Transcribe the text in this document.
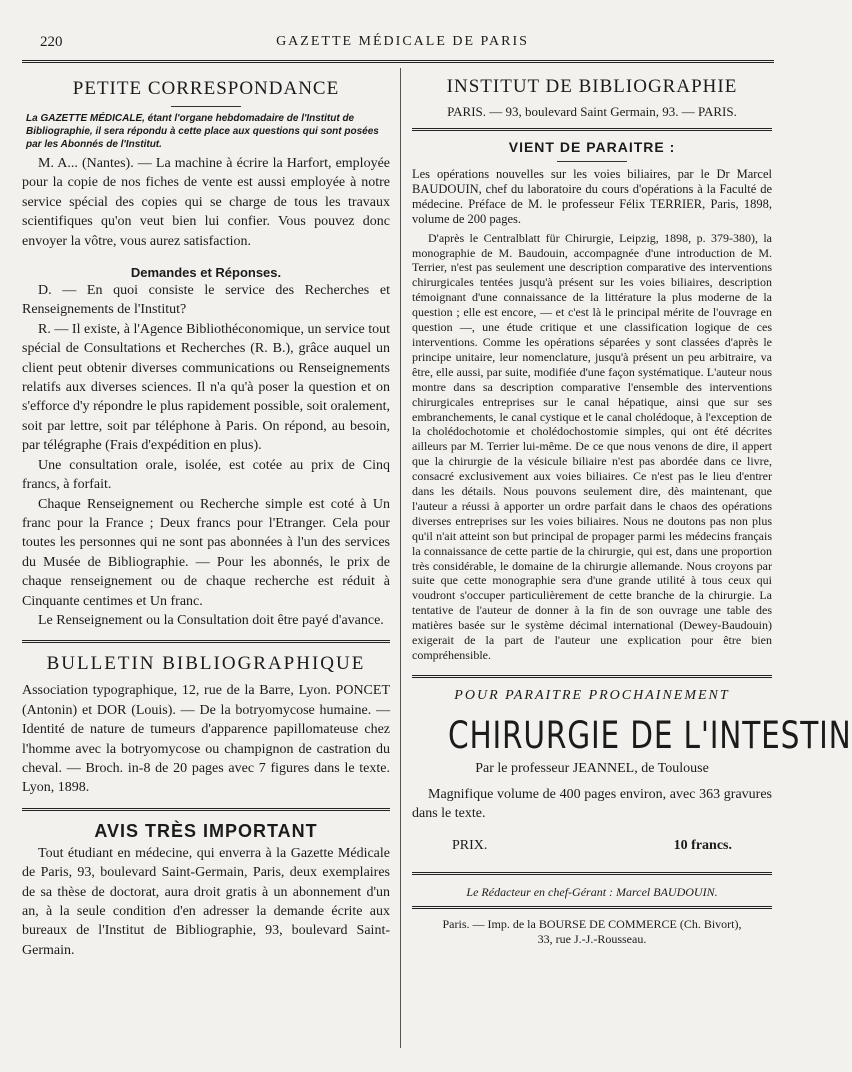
220	GAZETTE MÉDICALE DE PARIS
PETITE CORRESPONDANCE

La GAZETTE MÉDICALE, étant l'organe hebdomadaire de l'Institut de Bibliographie, il sera répondu à cette place aux questions qui sont posées par les Abonnés de l'Institut.

M. A... (Nantes). — La machine à écrire la Harfort, employée pour la copie de nos fiches de vente est aussi employée à notre service spécial des copies qui se charge de tous les travaux scientifiques qu'on veut bien lui confier. Vous pouvez donc envoyer la vôtre, vous aurez satisfaction.

Demandes et Réponses.

D. — En quoi consiste le service des Recherches et Renseignements de l'Institut?

R. — Il existe, à l'Agence Bibliothéconomique, un service tout spécial de Consultations et Recherches (R. B.), grâce auquel un client peut obtenir diverses communications ou Renseignements relatifs aux diverses sciences. Il n'a qu'à poser la question et on s'efforce d'y répondre le plus rapidement possible, soit oralement, soit par lettre, soit par téléphone à Paris. On répond, au besoin, par télégraphe (Frais d'expédition en plus).

Une consultation orale, isolée, est cotée au prix de Cinq francs, à forfait.

Chaque Renseignement ou Recherche simple est coté à Un franc pour la France ; Deux francs pour l'Etranger. Cela pour toutes les personnes qui ne sont pas abonnées à l'un des services du Musée de Bibliographie. — Pour les abonnés, le prix de chaque renseignement ou de chaque recherche est réduit à Cinquante centimes et Un franc.

Le Renseignement ou la Consultation doit être payé d'avance.

BULLETIN BIBLIOGRAPHIQUE

Association typographique, 12, rue de la Barre, Lyon. PONCET (Antonin) et DOR (Louis). — De la botryomycose humaine. — Identité de nature de tumeurs d'apparence papillomateuse chez l'homme avec la botryomycose ou champignon de castration du cheval. — Broch. in-8 de 20 pages avec 7 figures dans le texte. Lyon, 1898.

AVIS TRÈS IMPORTANT

Tout étudiant en médecine, qui enverra à la Gazette Médicale de Paris, 93, boulevard Saint-Germain, Paris, deux exemplaires de sa thèse de doctorat, aura droit gratis à un abonnement d'un an, à la seule condition d'en adresser la demande écrite aux bureaux de l'Institut de Bibliographie, 93, boulevard Saint-Germain.

INSTITUT DE BIBLIOGRAPHIE
PARIS. — 93, boulevard Saint Germain, 93. — PARIS.
VIENT DE PARAITRE :

Les opérations nouvelles sur les voies biliaires, par le Dr Marcel BAUDOUIN, chef du laboratoire du cours d'opérations à la Faculté de médecine. Préface de M. le professeur Félix TERRIER, Paris, 1898, volume de 200 pages.

D'après le Centralblatt für Chirurgie, Leipzig, 1898, p. 379-380), la monographie de M. Baudouin, accompagnée d'une introduction de M. Terrier, n'est pas seulement une description comparative des interventions chirurgicales tentées jusqu'à présent sur les voies biliaires, description témoignant d'une connaissance de la littérature la plus moderne de la question ; elle est encore, — et c'est là le principal mérite de l'ouvrage en question —, une étude critique et une classification logique de ces interventions. Comme les opérations séparées y sont classées d'après le principe unitaire, leur nomenclature, jusqu'à présent un peu arbitraire, va être, elle aussi, par suite, modifiée d'une façon systématique. L'auteur nous montre dans sa description comparative l'ensemble des interventions chirurgicales entreprises sur le canal hépatique, ainsi que sur ses embranchements, le canal cystique et le canal cholédoque, à l'exception de la cholédochotomie et cholédochostomie simples, qui ont été décrites ailleurs par M. Terrier lui-même. De ce que nous venons de dire, il appert que la chirurgie de la vésicule biliaire n'est pas abordée dans ce livre, consacré exclusivement aux voies biliaires. Ce n'est pas le lieu d'entrer dans les détails. Nous pouvons seulement dire, dès maintenant, que l'auteur a réussi à apporter un ordre parfait dans le chaos des opérations diverses entreprises sur les voies biliaires. Nous ne doutons pas non plus qu'il n'ait atteint son but principal de propager parmi les médecins français la connaissance de cette partie de la chirurgie, qui est, dans une proportion très considérable, le domaine de la chirurgie allemande. Nous croyons par suite que cette monographie sera d'une grande utilité à tous ceux qui voudront s'occuper particulièrement de cette branche de la chirurgie. La tentative de l'auteur de donner à la fin de son ouvrage une table des matières basée sur le système décimal international (Dewey-Baudouin) exigerait de la part de l'auteur une explication pour être bien compréhensible.

POUR PARAITRE PROCHAINEMENT
CHIRURGIE DE L'INTESTIN
Par le professeur JEANNEL, de Toulouse

Magnifique volume de 400 pages environ, avec 363 gravures dans le texte.

PRIX.	10 francs.
Le Rédacteur en chef-Gérant : Marcel BAUDOUIN.
Paris. — Imp. de la BOURSE DE COMMERCE (Ch. Bivort),
33, rue J.-J.-Rousseau.
